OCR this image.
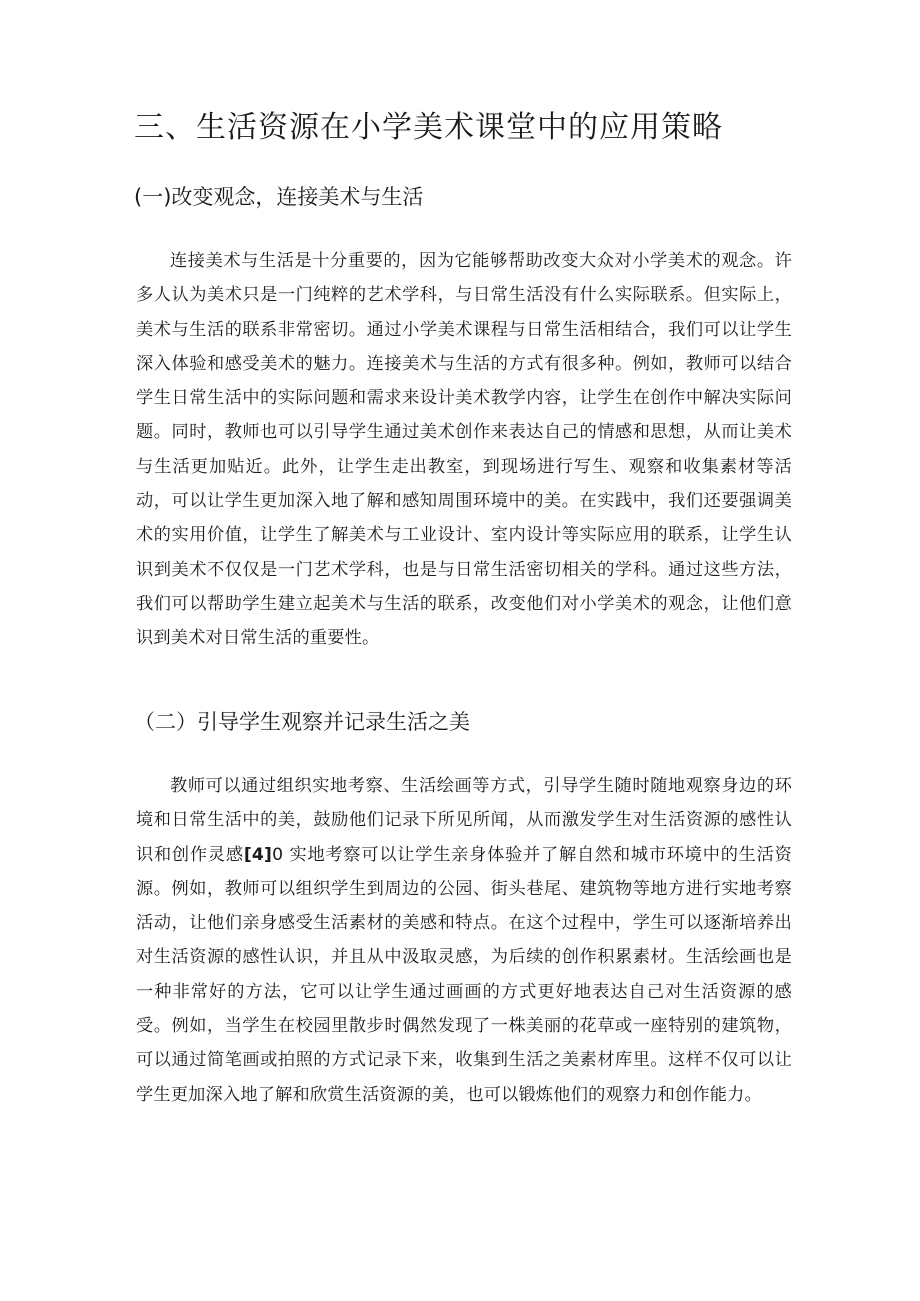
三、生活资源在小学美术课堂中的应用策略
(一)改变观念，连接美术与生活

连接美术与生活是十分重要的，因为它能够帮助改变大众对小学美术的观念。许多人认为美术只是一门纯粹的艺术学科，与日常生活没有什么实际联系。但实际上，美术与生活的联系非常密切。通过小学美术课程与日常生活相结合，我们可以让学生深入体验和感受美术的魅力。连接美术与生活的方式有很多种。例如，教师可以结合学生日常生活中的实际问题和需求来设计美术教学内容，让学生在创作中解决实际问题。同时，教师也可以引导学生通过美术创作来表达自己的情感和思想，从而让美术与生活更加贴近。此外，让学生走出教室，到现场进行写生、观察和收集素材等活动，可以让学生更加深入地了解和感知周围环境中的美。在实践中，我们还要强调美术的实用价值，让学生了解美术与工业设计、室内设计等实际应用的联系，让学生认识到美术不仅仅是一门艺术学科，也是与日常生活密切相关的学科。通过这些方法，我们可以帮助学生建立起美术与生活的联系，改变他们对小学美术的观念，让他们意识到美术对日常生活的重要性。

（二）引导学生观察并记录生活之美

教师可以通过组织实地考察、生活绘画等方式，引导学生随时随地观察身边的环境和日常生活中的美，鼓励他们记录下所见所闻，从而激发学生对生活资源的感性认识和创作灵感[4]0 实地考察可以让学生亲身体验并了解自然和城市环境中的生活资源。例如，教师可以组织学生到周边的公园、街头巷尾、建筑物等地方进行实地考察活动，让他们亲身感受生活素材的美感和特点。在这个过程中，学生可以逐渐培养出对生活资源的感性认识，并且从中汲取灵感，为后续的创作积累素材。生活绘画也是一种非常好的方法，它可以让学生通过画画的方式更好地表达自己对生活资源的感受。例如，当学生在校园里散步时偶然发现了一株美丽的花草或一座特别的建筑物，可以通过简笔画或拍照的方式记录下来，收集到生活之美素材库里。这样不仅可以让学生更加深入地了解和欣赏生活资源的美，也可以锻炼他们的观察力和创作能力。
